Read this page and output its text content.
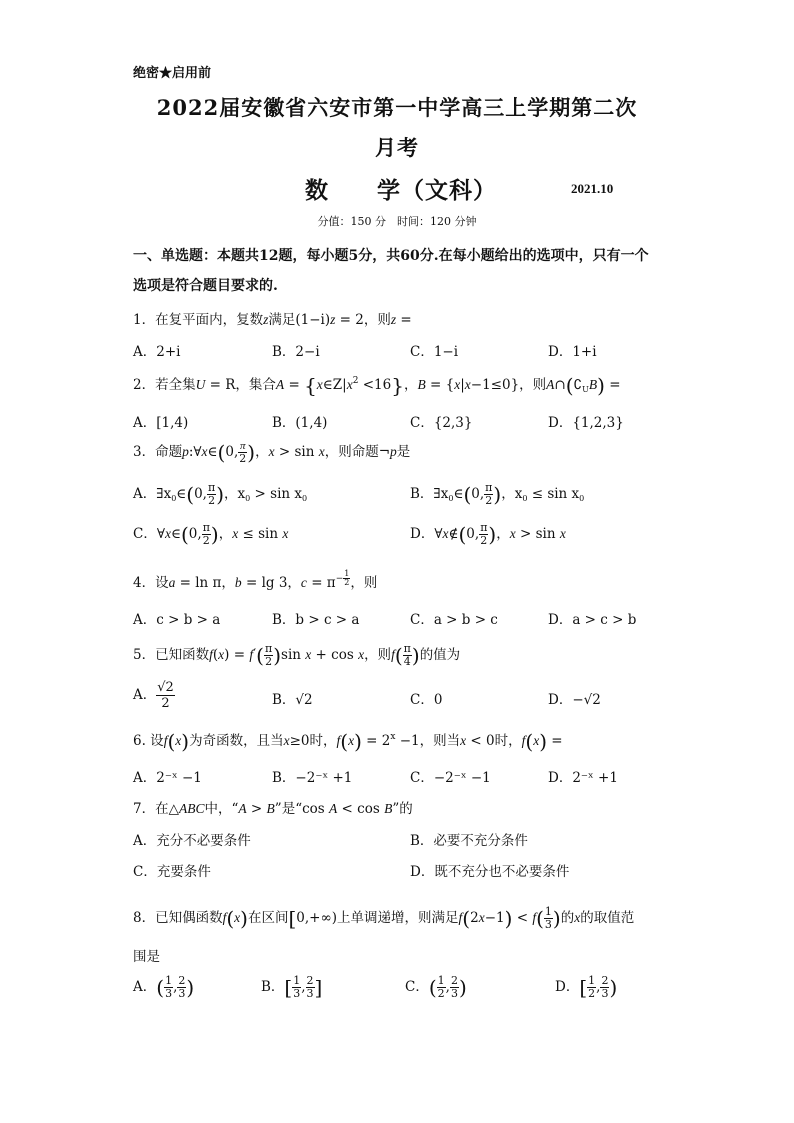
绝密★启用前
2022届安徽省六安市第一中学高三上学期第二次
月考
数　　学（文科）	2021.10
分值：150 分　时间：120 分钟
一、单选题：本题共12题，每小题5分，共60分.在每小题给出的选项中，只有一个
选项是符合题目要求的.
1．在复平面内，复数z满足(1−i)z = 2，则z =
A．2+i	B．2−i	C．1−i	D．1+i
2．若全集U = R，集合$A = \{x\in Z|x^2 <16\}$，B = {x|x−1≤0}，则$A\cap(∁_UB)$ =
A．[1,4)	B．(1,4)	C．{2,3}	D．{1,2,3}
3．命题p:∀x∈(0, $\frac{\pi}{2}$ )，x > sin x，则命题¬p是
A．$\exists x_0\in(0$, $\frac{\pi}{2}$ )，$x_0 > \sin x_0$	B．$\exists x_0\in(0$, $\frac{\pi}{2}$ )，$x_0 \le \sin x_0$
C．∀x∈(0, $\frac{\pi}{2}$ )，x ≤ sin x	D．∀x∉(0, $\frac{\pi}{2}$ )，x > sin x
4．设a = ln π，b = lg 3，$c = \pi^{- \frac{1}{2}}$ ，则
A．c > b > a	B．b > c > a	C．a > b > c	D．a > c > b
5．已知函数$f(x) = f'( \frac{\pi}{2} )\sin$ x + cos x，则$f( \frac{\pi}{4}$ )的值为
A． $\frac{√2}{2}$	B．√2	C．0	D．−√2
6. 设f(x)为奇函数，且当x≥0时，$f(x) = 2^x -1$，则当x < 0时，f(x) =
A．2⁻ˣ −1	B．−2⁻ˣ +1	C．−2⁻ˣ −1	D．2⁻ˣ +1
7．在△ABC中，“A > B”是“cos A < cos B”的
A．充分不必要条件	B．必要不充分条件
C．充要条件	D．既不充分也不必要条件
8．已知偶函数f(x)在区间[0,+∞)上单调递增，则满足$f(2x-1) < f( \frac{1}{3}$ )的x的取值范
围是
A．( $\frac{1}{3}$ , $\frac{2}{3}$ )	B．[ $\frac{1}{3}$ , $\frac{2}{3}$ ]	C．( $\frac{1}{2}$ , $\frac{2}{3}$ )	D．[ $\frac{1}{2}$ , $\frac{2}{3}$ )
